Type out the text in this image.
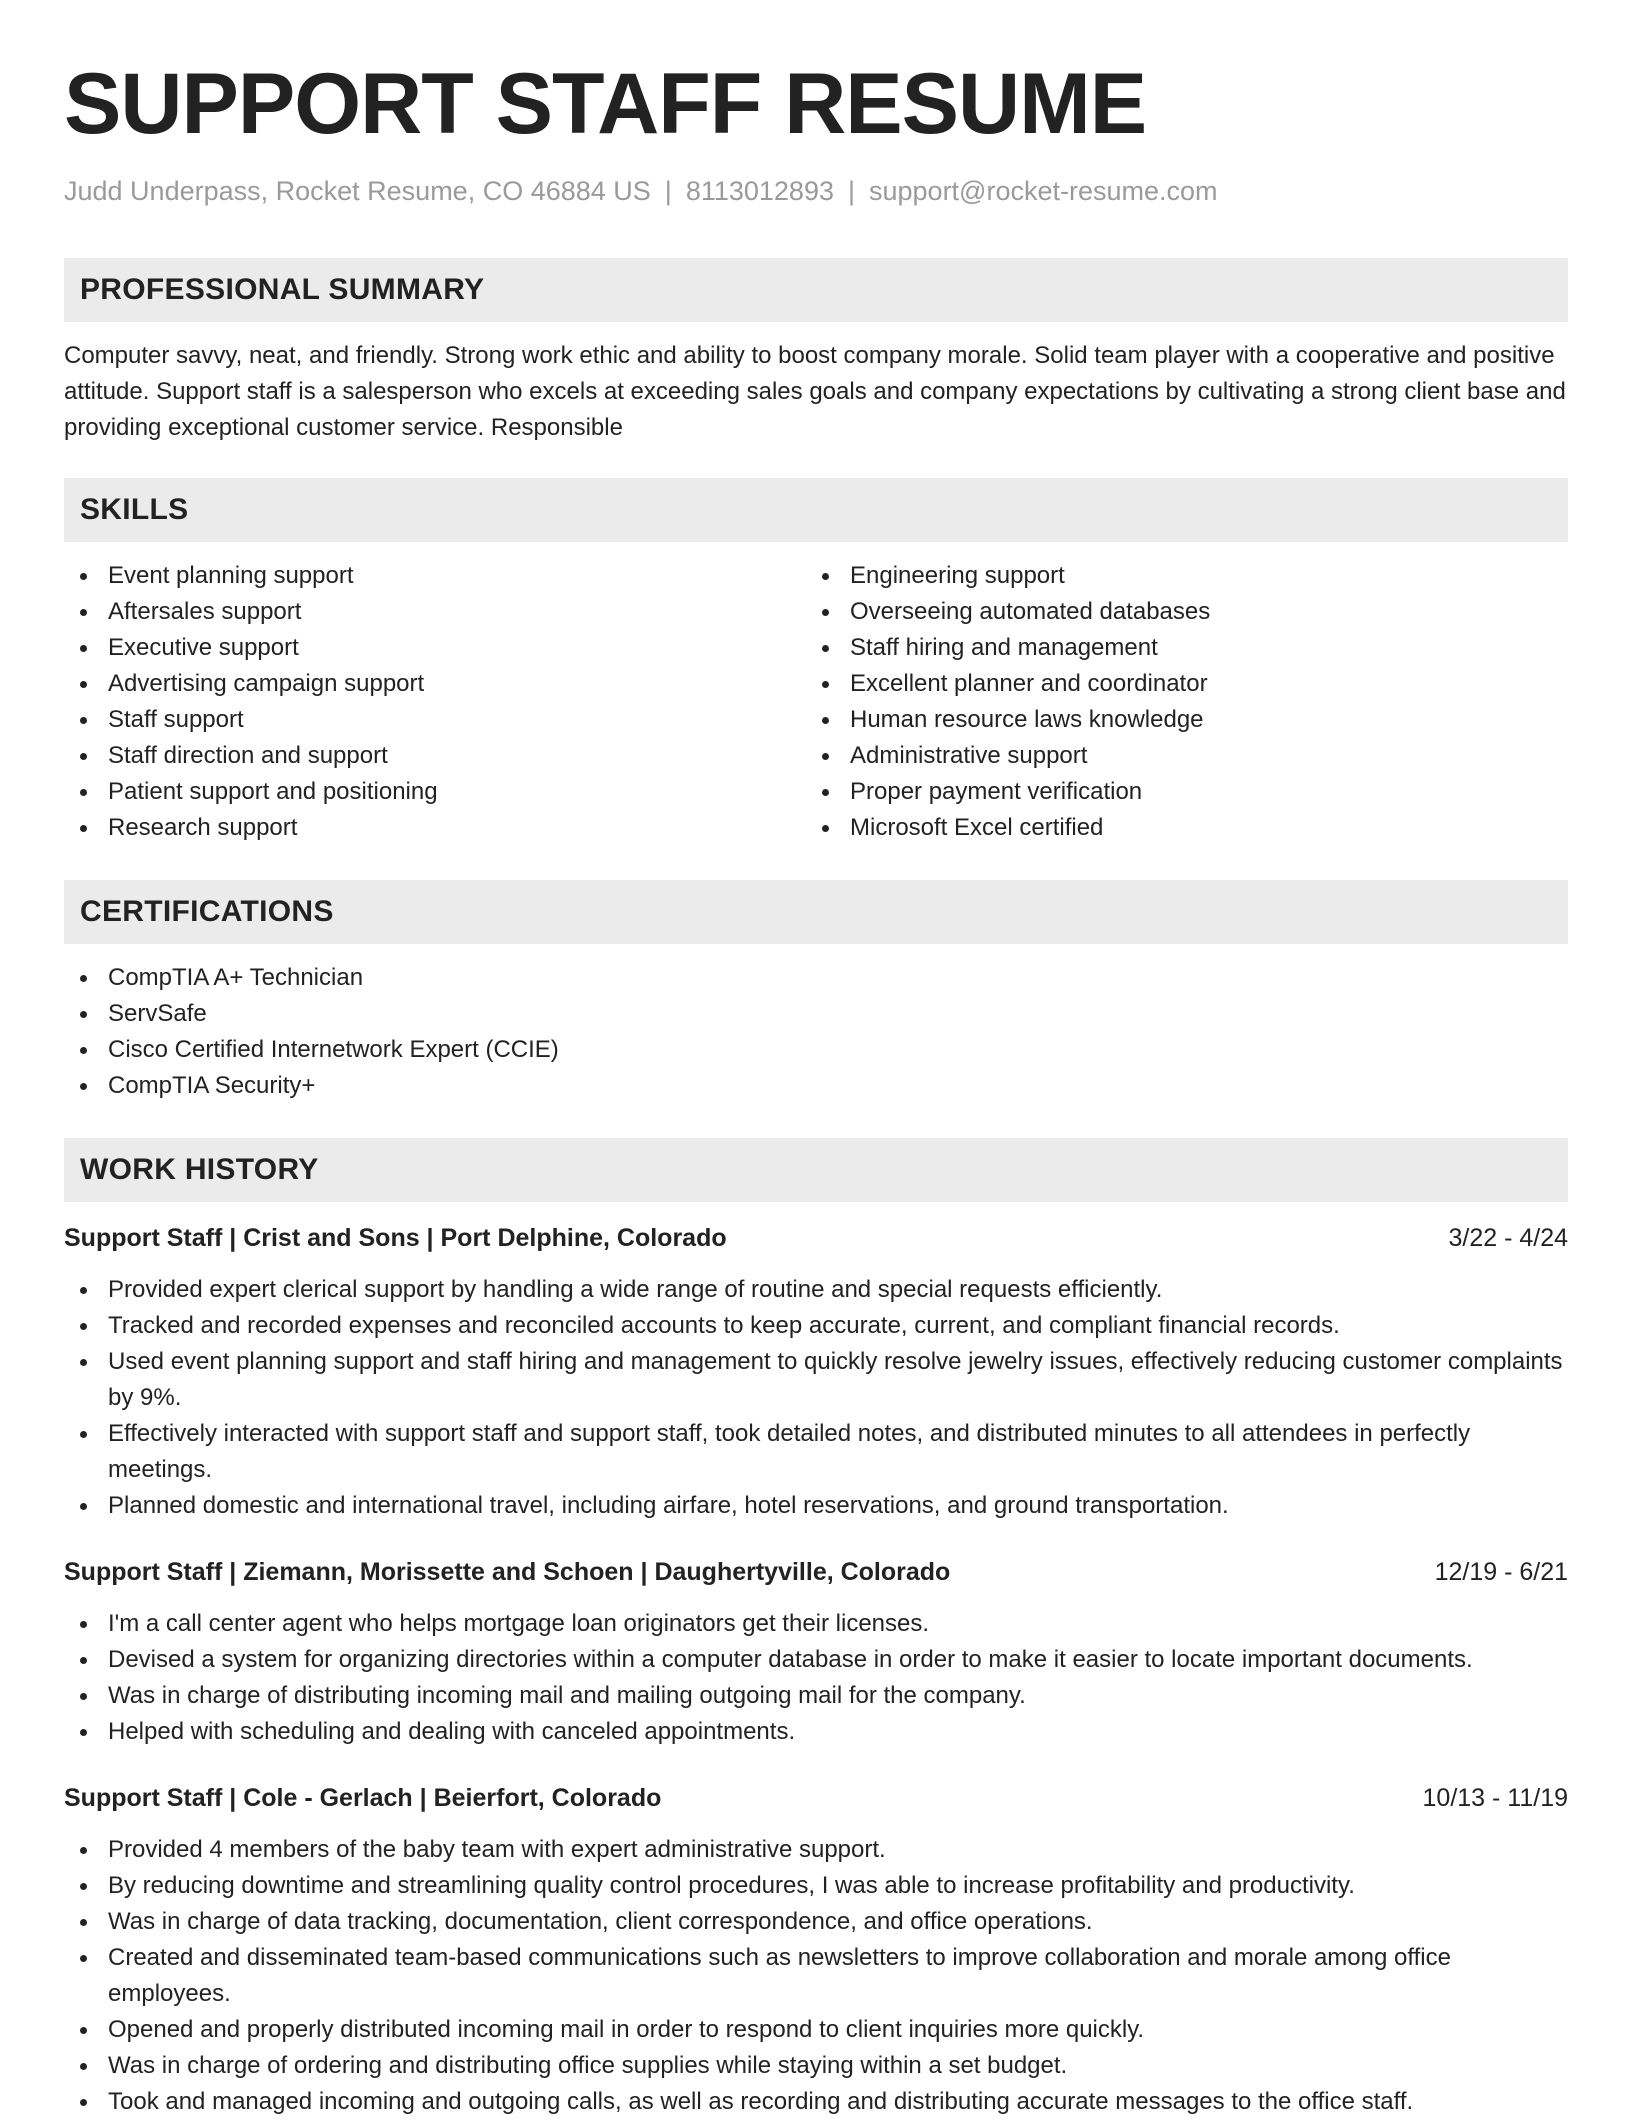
SUPPORT STAFF RESUME
Judd Underpass, Rocket Resume, CO 46884 US | 8113012893 | support@rocket-resume.com
PROFESSIONAL SUMMARY

Computer savvy, neat, and friendly. Strong work ethic and ability to boost company morale. Solid team player with a cooperative and positive attitude. Support staff is a salesperson who excels at exceeding sales goals and company expectations by cultivating a strong client base and providing exceptional customer service. Responsible

SKILLS
Event planning support
Aftersales support
Executive support
Advertising campaign support
Staff support
Staff direction and support
Patient support and positioning
Research support
Engineering support
Overseeing automated databases
Staff hiring and management
Excellent planner and coordinator
Human resource laws knowledge
Administrative support
Proper payment verification
Microsoft Excel certified
CERTIFICATIONS
CompTIA A+ Technician
ServSafe
Cisco Certified Internetwork Expert (CCIE)
CompTIA Security+
WORK HISTORY
Support Staff | Crist and Sons | Port Delphine, Colorado	3/22 - 4/24
Provided expert clerical support by handling a wide range of routine and special requests efficiently.
Tracked and recorded expenses and reconciled accounts to keep accurate, current, and compliant financial records.
Used event planning support and staff hiring and management to quickly resolve jewelry issues, effectively reducing customer complaints by 9%.
Effectively interacted with support staff and support staff, took detailed notes, and distributed minutes to all attendees in perfectly meetings.
Planned domestic and international travel, including airfare, hotel reservations, and ground transportation.
Support Staff | Ziemann, Morissette and Schoen | Daughertyville, Colorado	12/19 - 6/21
I'm a call center agent who helps mortgage loan originators get their licenses.
Devised a system for organizing directories within a computer database in order to make it easier to locate important documents.
Was in charge of distributing incoming mail and mailing outgoing mail for the company.
Helped with scheduling and dealing with canceled appointments.
Support Staff | Cole - Gerlach | Beierfort, Colorado	10/13 - 11/19
Provided 4 members of the baby team with expert administrative support.
By reducing downtime and streamlining quality control procedures, I was able to increase profitability and productivity.
Was in charge of data tracking, documentation, client correspondence, and office operations.
Created and disseminated team-based communications such as newsletters to improve collaboration and morale among office employees.
Opened and properly distributed incoming mail in order to respond to client inquiries more quickly.
Was in charge of ordering and distributing office supplies while staying within a set budget.
Took and managed incoming and outgoing calls, as well as recording and distributing accurate messages to the office staff.
